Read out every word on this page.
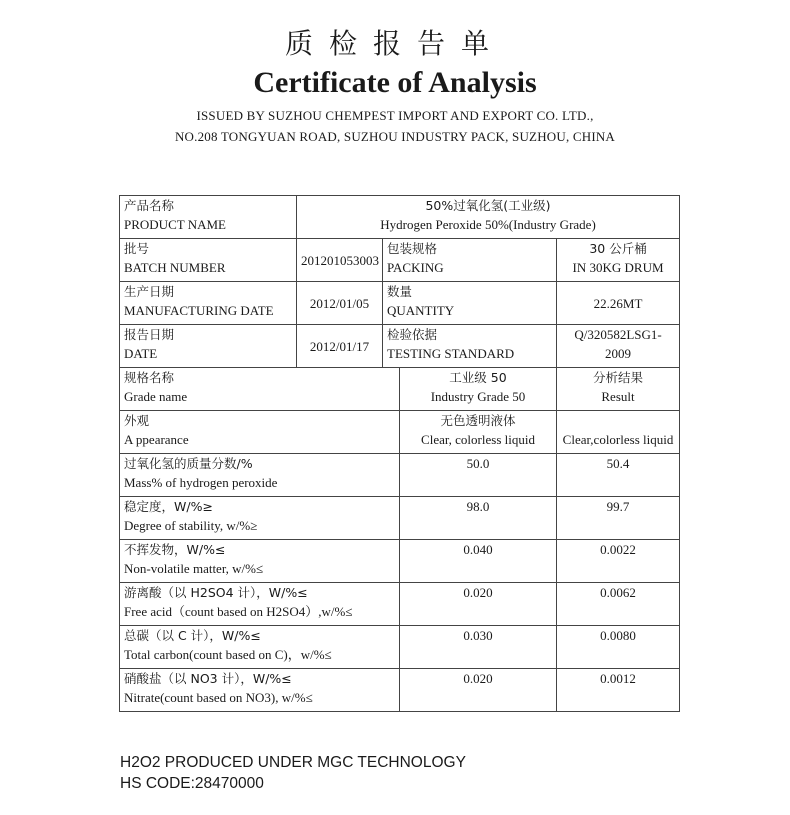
质检报告单
Certificate of Analysis
ISSUED BY SUZHOU CHEMPEST IMPORT AND EXPORT CO. LTD.,
NO.208 TONGYUAN ROAD, SUZHOU INDUSTRY PACK, SUZHOU, CHINA
产品名称
PRODUCT NAME	50%过氧化氢(工业级)
Hydrogen Peroxide 50%(Industry Grade)			

批号
BATCH NUMBER	201201053003	包装规格
PACKING		30 公斤桶
IN 30KG DRUM

生产日期
MANUFACTURING DATE	2012/01/05	数量
QUANTITY		22.26MT

报告日期
DATE	2012/01/17	检验依据
TESTING STANDARD		Q/320582LSG1-
2009

规格名称
Grade name			工业级 50
Industry Grade 50	分析结果
Result

外观
A ppearance			无色透明液体
Clear, colorless liquid	Clear,colorless liquid

过氧化氢的质量分数/%
Mass% of hydrogen peroxide			50.0	50.4

稳定度，W/%≥
Degree of stability, w/%≥			98.0	99.7

不挥发物，W/%≤
Non-volatile matter, w/%≤			0.040	0.0022

游离酸（以 H2SO4 计），W/%≤
Free acid（count based on H2SO4）,w/%≤			0.020	0.0062

总碳（以 C 计），W/%≤
Total carbon(count based on C)，w/%≤			0.030	0.0080

硝酸盐（以 NO3 计），W/%≤
Nitrate(count based on NO3), w/%≤			0.020	0.0012
H2O2 PRODUCED UNDER MGC TECHNOLOGY
HS CODE:28470000
